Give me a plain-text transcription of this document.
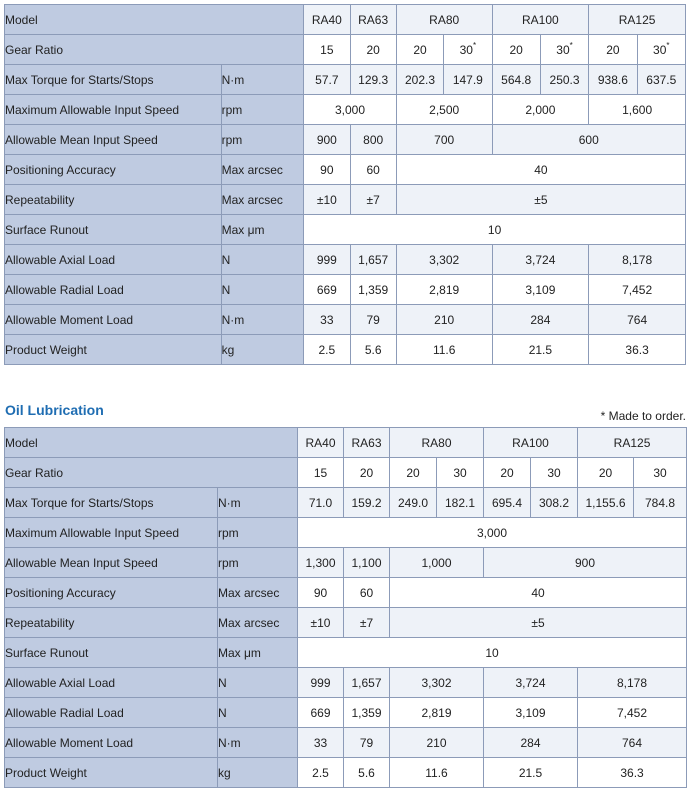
Model		RA40	RA63	RA80		RA100		RA125	
Gear Ratio		15	20	20	30*	20	30*	20	30*
Max Torque for Starts/Stops	N·m	57.7	129.3	202.3	147.9	564.8	250.3	938.6	637.5
Maximum Allowable Input Speed	rpm	3,000		2,500		2,000		1,600	
Allowable Mean Input Speed	rpm	900	800	700		600			
Positioning Accuracy	Max arcsec	90	60	40					
Repeatability	Max arcsec	±10	±7	±5					
Surface Runout	Max μm	10							
Allowable Axial Load	N	999	1,657	3,302		3,724		8,178	
Allowable Radial Load	N	669	1,359	2,819		3,109		7,452	
Allowable Moment Load	N·m	33	79	210		284		764	
Product Weight	kg	2.5	5.6	11.6		21.5		36.3	
Oil Lubrication	* Made to order.
Model		RA40	RA63	RA80		RA100		RA125	
Gear Ratio		15	20	20	30	20	30	20	30
Max Torque for Starts/Stops	N·m	71.0	159.2	249.0	182.1	695.4	308.2	1,155.6	784.8
Maximum Allowable Input Speed	rpm	3,000							
Allowable Mean Input Speed	rpm	1,300	1,100	1,000		900			
Positioning Accuracy	Max arcsec	90	60	40					
Repeatability	Max arcsec	±10	±7	±5					
Surface Runout	Max μm	10							
Allowable Axial Load	N	999	1,657	3,302		3,724		8,178	
Allowable Radial Load	N	669	1,359	2,819		3,109		7,452	
Allowable Moment Load	N·m	33	79	210		284		764	
Product Weight	kg	2.5	5.6	11.6		21.5		36.3	
